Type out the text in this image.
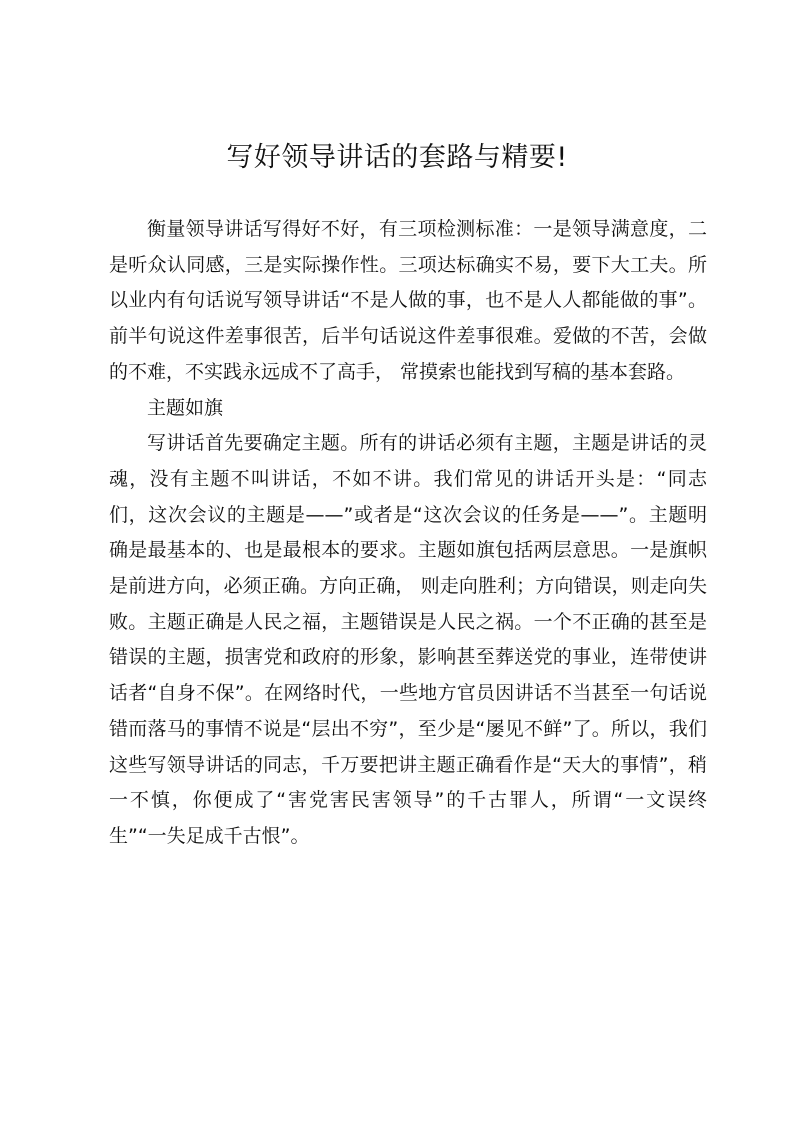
写好领导讲话的套路与精要!

衡量领导讲话写得好不好，有三项检测标准：一是领导满意度，二是听众认同感，三是实际操作性。三项达标确实不易，要下大工夫。所以业内有句话说写领导讲话“不是人做的事，也不是人人都能做的事”。前半句说这件差事很苦，后半句话说这件差事很难。爱做的不苦，会做的不难，不实践永远成不了高手， 常摸索也能找到写稿的基本套路。

主题如旗

写讲话首先要确定主题。所有的讲话必须有主题，主题是讲话的灵魂，没有主题不叫讲话，不如不讲。我们常见的讲话开头是：“同志们，这次会议的主题是——”或者是“这次会议的任务是——”。主题明确是最基本的、也是最根本的要求。主题如旗包括两层意思。一是旗帜是前进方向，必须正确。方向正确， 则走向胜利；方向错误，则走向失败。主题正确是人民之福，主题错误是人民之祸。一个不正确的甚至是错误的主题，损害党和政府的形象，影响甚至葬送党的事业，连带使讲话者“自身不保”。在网络时代，一些地方官员因讲话不当甚至一句话说错而落马的事情不说是“层出不穷”，至少是“屡见不鲜”了。所以，我们这些写领导讲话的同志，千万要把讲主题正确看作是“天大的事情”，稍一不慎，你便成了“害党害民害领导”的千古罪人，所谓“一文误终生”“一失足成千古恨”。
